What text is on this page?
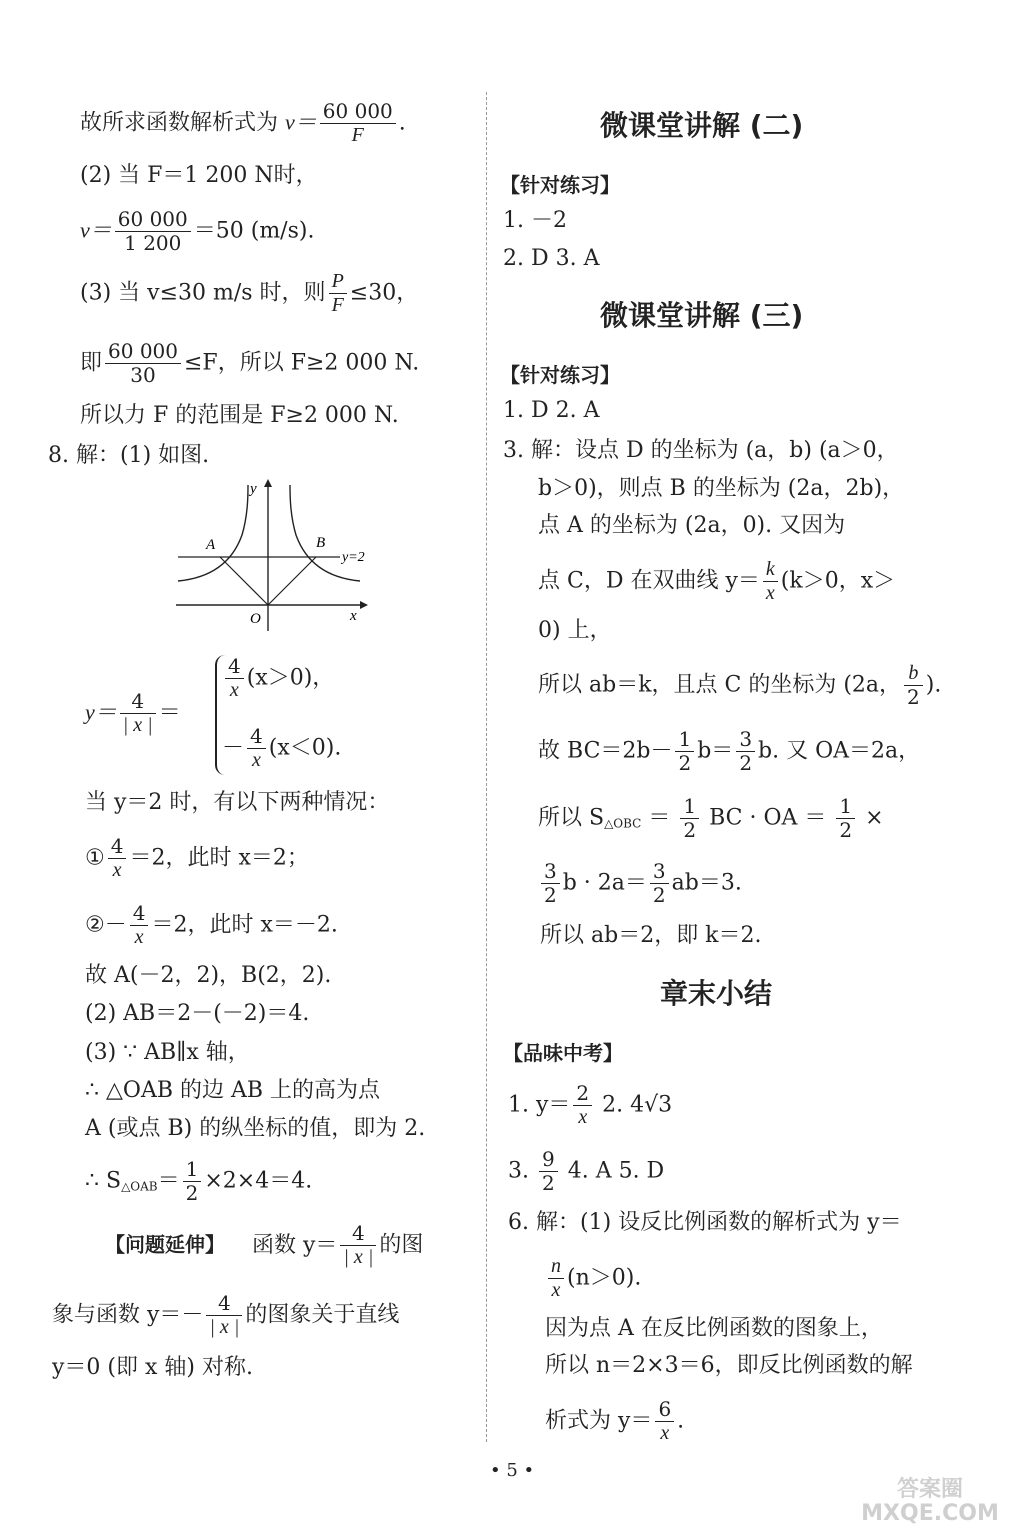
故所求函数解析式为 $v= \frac{60 000}{F}$ .
(2) 当 F＝1 200 N时，
$v= \frac{60 000}{1 200} =50$ (m/s).
(3) 当 v≤30 m/s 时，则 $\frac{P}{F} \le 30$，
即 $\frac{60 000}{30} \le F$，所以 F≥2 000 N.
所以力 F 的范围是 F≥2 000 N.
8. 解：(1) 如图.
y
x
O
A	B
y=2
$y= \frac{4}{| x |}$ ＝
$\frac{4}{x} (x>0)$，
－ $\frac{4}{x} (x<0)$.
当 y＝2 时，有以下两种情况：
① $\frac{4}{x} =2$，此时 x＝2；
②－ $\frac{4}{x} =2$，此时 x＝－2.
故 A(－2，2)，B(2，2).
(2) AB＝2－(－2)＝4.
(3) ∵ AB∥x 轴，
∴ △OAB 的边 AB 上的高为点
A (或点 B) 的纵坐标的值，即为 2.
∴ $S_{\triangle OAB}= \frac{1}{2} \times 2\times 4=4$.
【问题延伸】 函数 $y= \frac{4}{| x |}$ 的图
象与函数 $y=- \frac{4}{| x |}$ 的图象关于直线
y＝0 (即 x 轴) 对称.
微课堂讲解 (二)
【针对练习】
1. －2
2. D 3. A
微课堂讲解 (三)
【针对练习】
1. D 2. A
3. 解：设点 D 的坐标为 (a，b) (a＞0，
b＞0)，则点 B 的坐标为 (2a，2b)，
点 A 的坐标为 (2a，0). 又因为
点 C，D 在双曲线 $y= \frac{k}{x} (k>0$，x＞
0) 上，
所以 ab＝k，且点 C 的坐标为 (2a， $\frac{b}{2}$ ).
故 $BC=2b- \frac{1}{2} b= \frac{3}{2} b$. 又 OA＝2a，
所以 $S_{\triangle OBC} = \frac{1}{2}$ BC · OA ＝ $\frac{1}{2}$ ×
$\frac{3}{2}$ $b \cdot 2a= \frac{3}{2} ab=3$.
所以 ab＝2，即 k＝2.
章末小结
【品味中考】
1. $y= \frac{2}{x} 2$. 4√3
3. $\frac{9}{2} 4$. A 5. D
6. 解：(1) 设反比例函数的解析式为 y＝
$\frac{n}{x} (n>0)$.
因为点 A 在反比例函数的图象上，
所以 n＝2×3＝6，即反比例函数的解
析式为 $y= \frac{6}{x}$ .
• 5 •
答案圈 MXQE.COM
